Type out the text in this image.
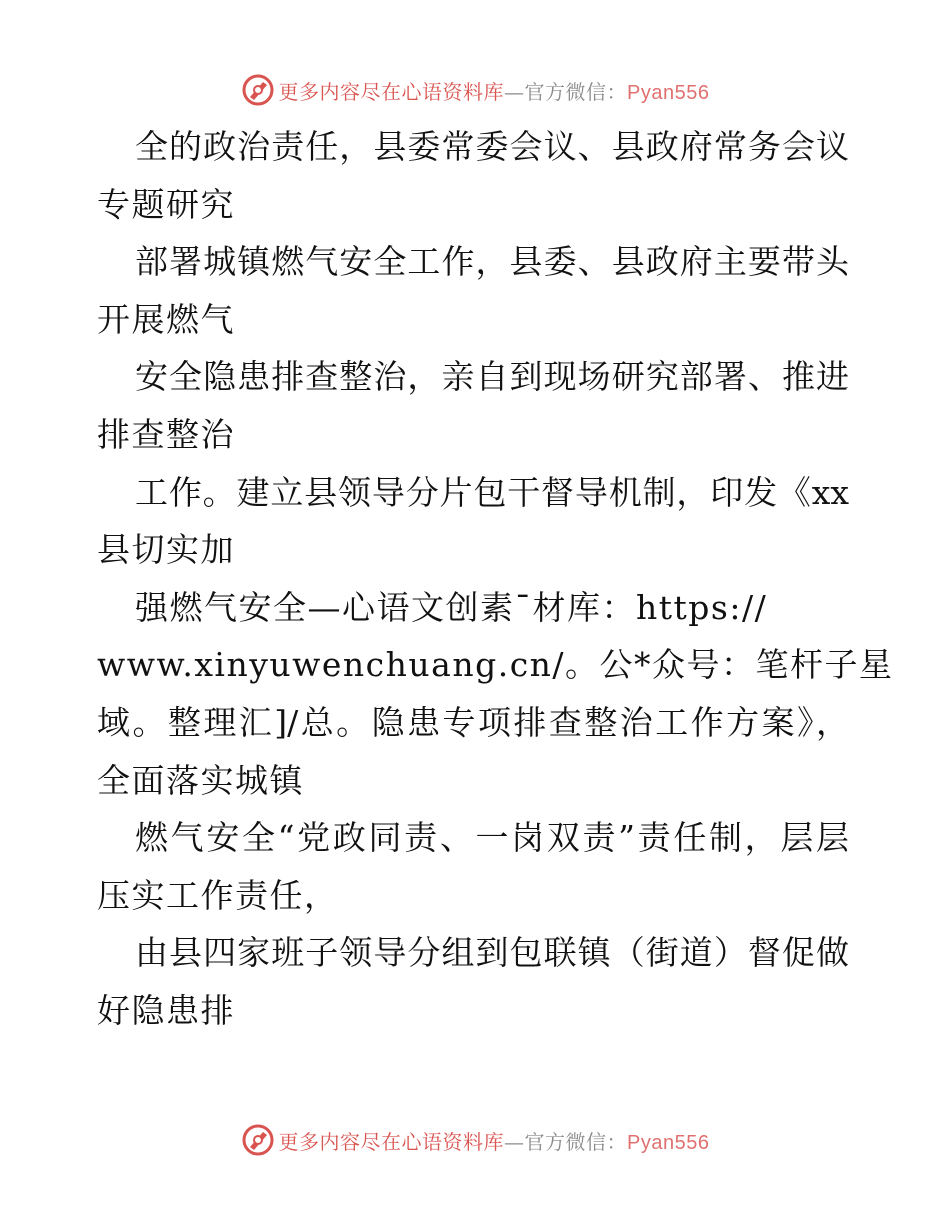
更多内容尽在心语资料库—官方微信：Pyan556
全的政治责任，县委常委会议、县政府常务会议
专题研究
部署城镇燃气安全工作，县委、县政府主要带头
开展燃气
安全隐患排查整治，亲自到现场研究部署、推进
排查整治
工作。建立县领导分片包干督导机制，印发《xx
县切实加
强燃气安全—心语文创素¯材库：https://
www.xinyuwenchuang.cn/。公*众号：笔杆子星
域。整理汇]/总。隐患专项排查整治工作方案》，
全面落实城镇
燃气安全“党政同责、一岗双责”责任制，层层
压实工作责任，
由县四家班子领导分组到包联镇（街道）督促做
好隐患排
更多内容尽在心语资料库—官方微信：Pyan556
